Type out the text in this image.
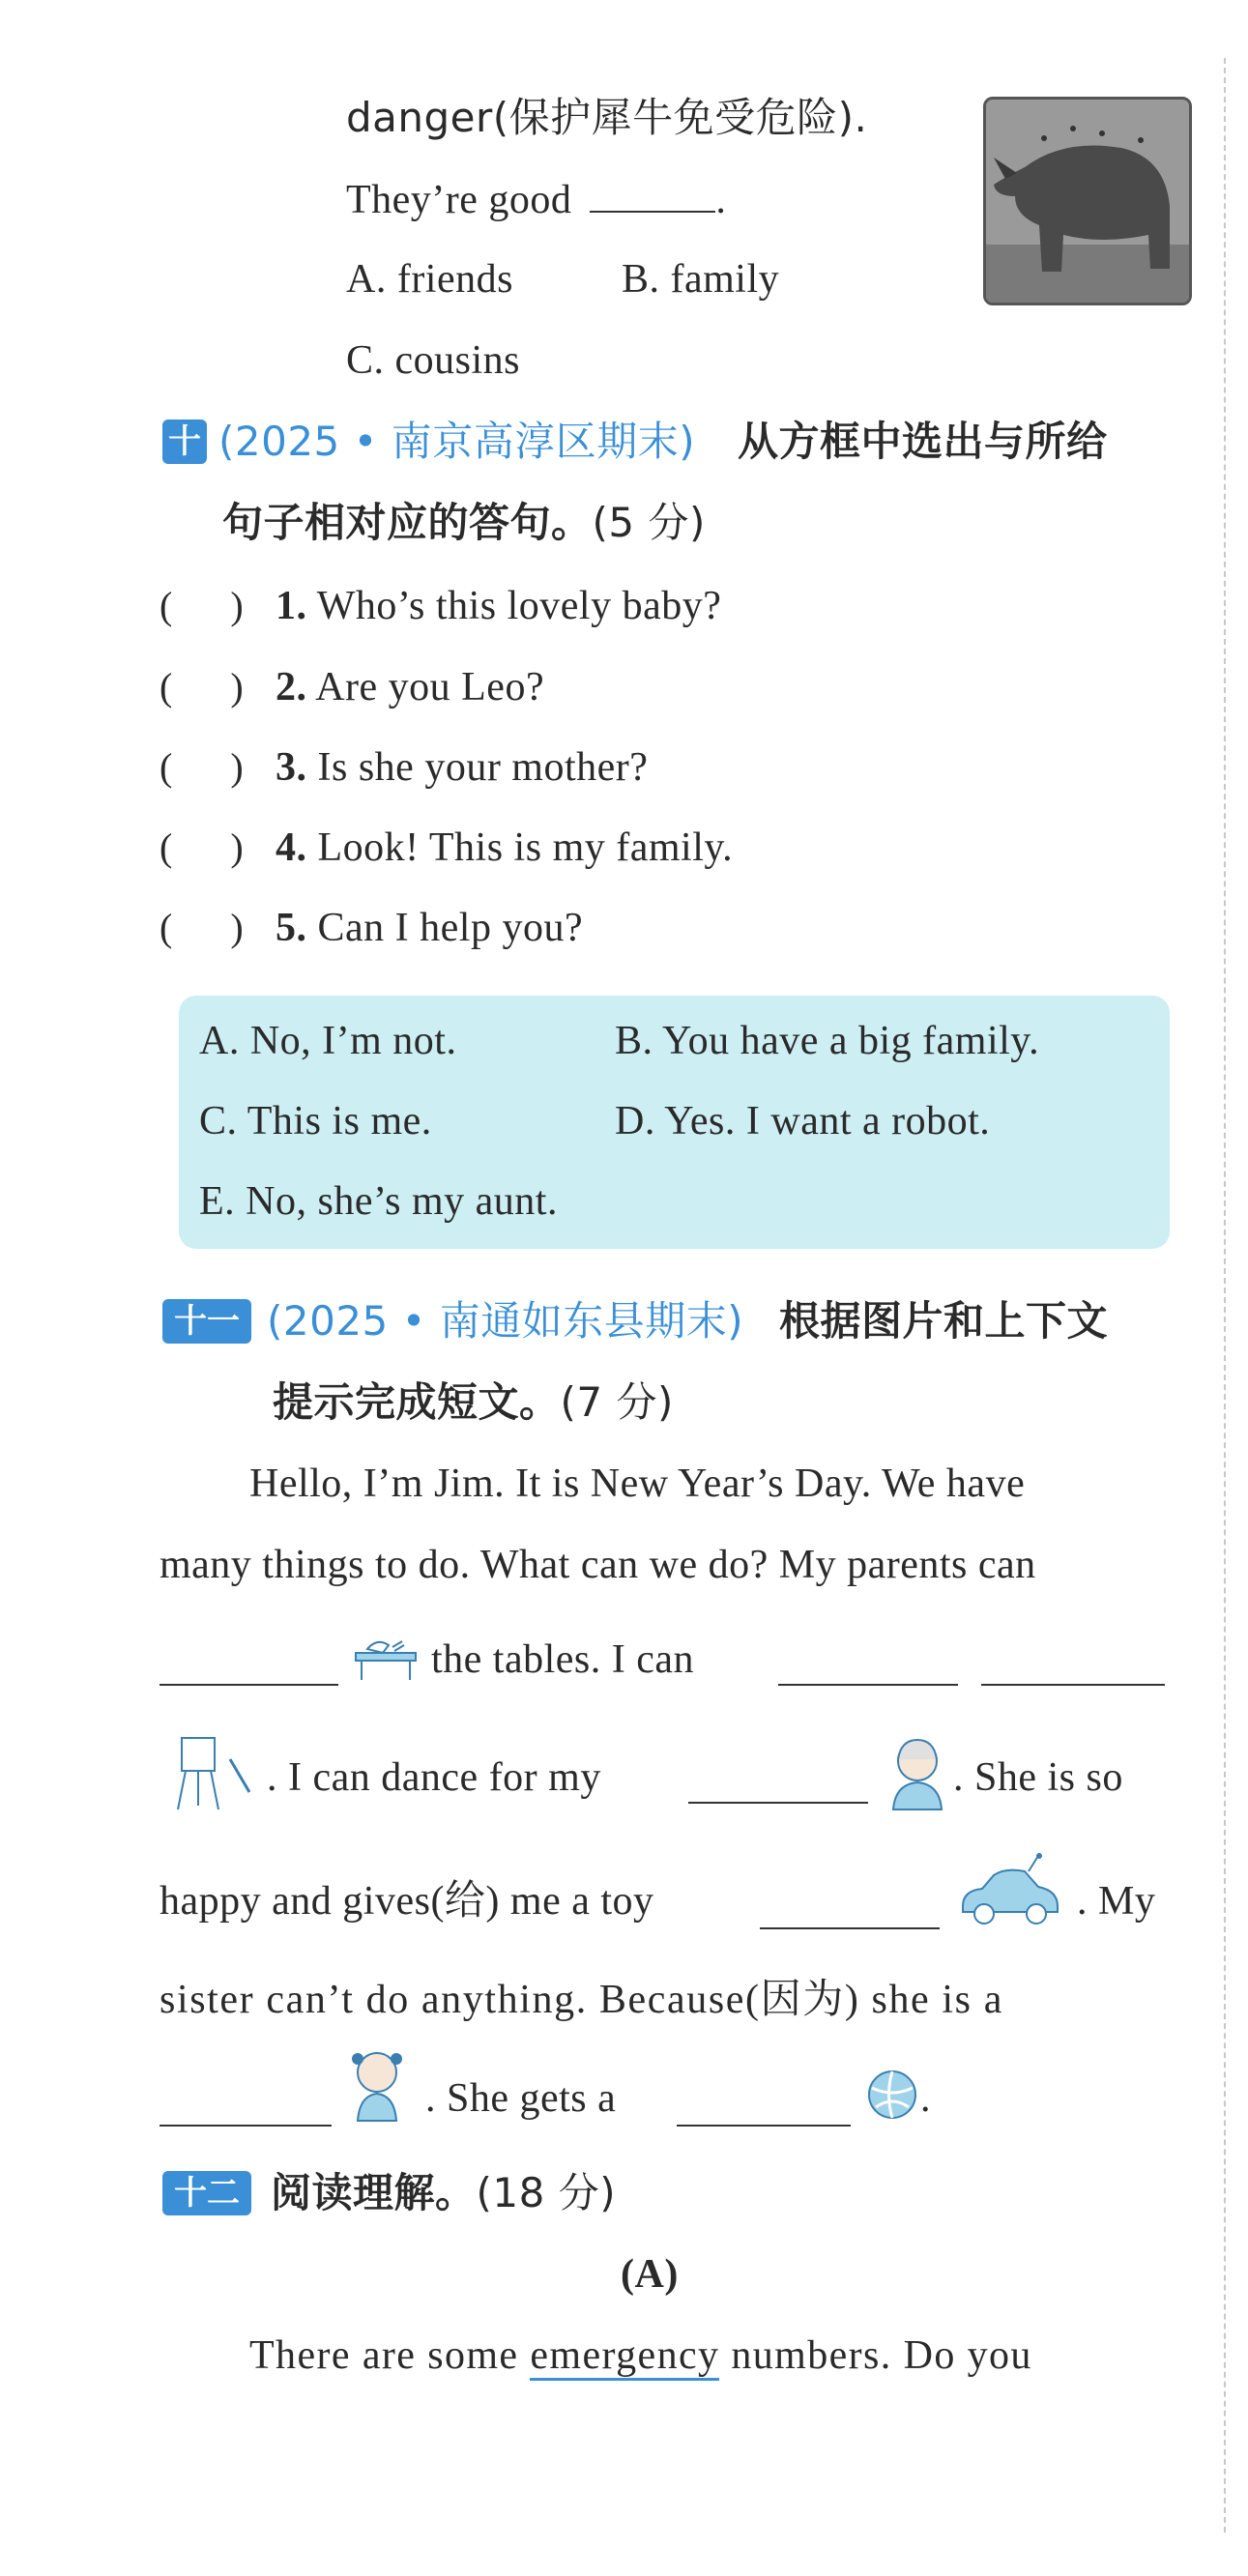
danger(保护犀牛免受危险).
They’re good	.
A. friends	B. family
C. cousins
十 (2025 • 南京高淳区期末) 从方框中选出与所给
句子相对应的答句。(5 分)
(      ) 1. Who’s this lovely baby?
(      ) 2. Are you Leo?
(      ) 3. Is she your mother?
(      ) 4. Look! This is my family.
(      ) 5. Can I help you?
A. No, I’m not.	B. You have a big family.
C. This is me.	D. Yes. I want a robot.
E. No, she’s my aunt.
十一 (2025 • 南通如东县期末) 根据图片和上下文
提示完成短文。(7 分)
Hello, I’m Jim. It is New Year’s Day. We have
many things to do. What can we do? My parents can
the tables. I can
. I can dance for my	. She is so
happy and gives(给) me a toy	. My
sister can’t do anything. Because(因为) she is a
. She gets a	.
十二 阅读理解。(18 分)
(A)
There are some emergency numbers. Do you
